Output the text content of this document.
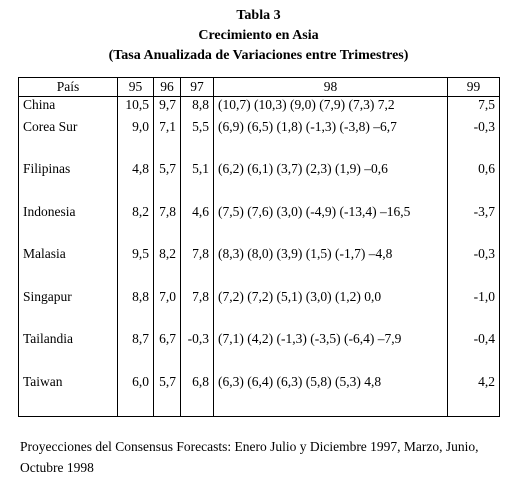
Tabla 3
Crecimiento en Asia
(Tasa Anualizada de Variaciones entre Trimestres)
País	95	96	97	98	99
China	10,5	9,7	8,8	(10,7) (10,3) (9,0) (7,9) (7,3) 7,2	7,5
Corea Sur	9,0	7,1	5,5	(6,9) (6,5) (1,8) (-1,3) (-3,8) –6,7	-0,3
Filipinas	4,8	5,7	5,1	(6,2) (6,1) (3,7) (2,3) (1,9) –0,6	0,6
Indonesia	8,2	7,8	4,6	(7,5) (7,6) (3,0) (-4,9) (-13,4) –16,5	-3,7
Malasia	9,5	8,2	7,8	(8,3) (8,0) (3,9) (1,5) (-1,7) –4,8	-0,3
Singapur	8,8	7,0	7,8	(7,2) (7,2) (5,1) (3,0) (1,2) 0,0	-1,0
Tailandia	8,7	6,7	-0,3	(7,1) (4,2) (-1,3) (-3,5) (-6,4) –7,9	-0,4
Taiwan	6,0	5,7	6,8	(6,3) (6,4) (6,3) (5,8) (5,3) 4,8	4,2
Proyecciones del Consensus Forecasts: Enero Julio y Diciembre 1997, Marzo, Junio, Octubre 1998
